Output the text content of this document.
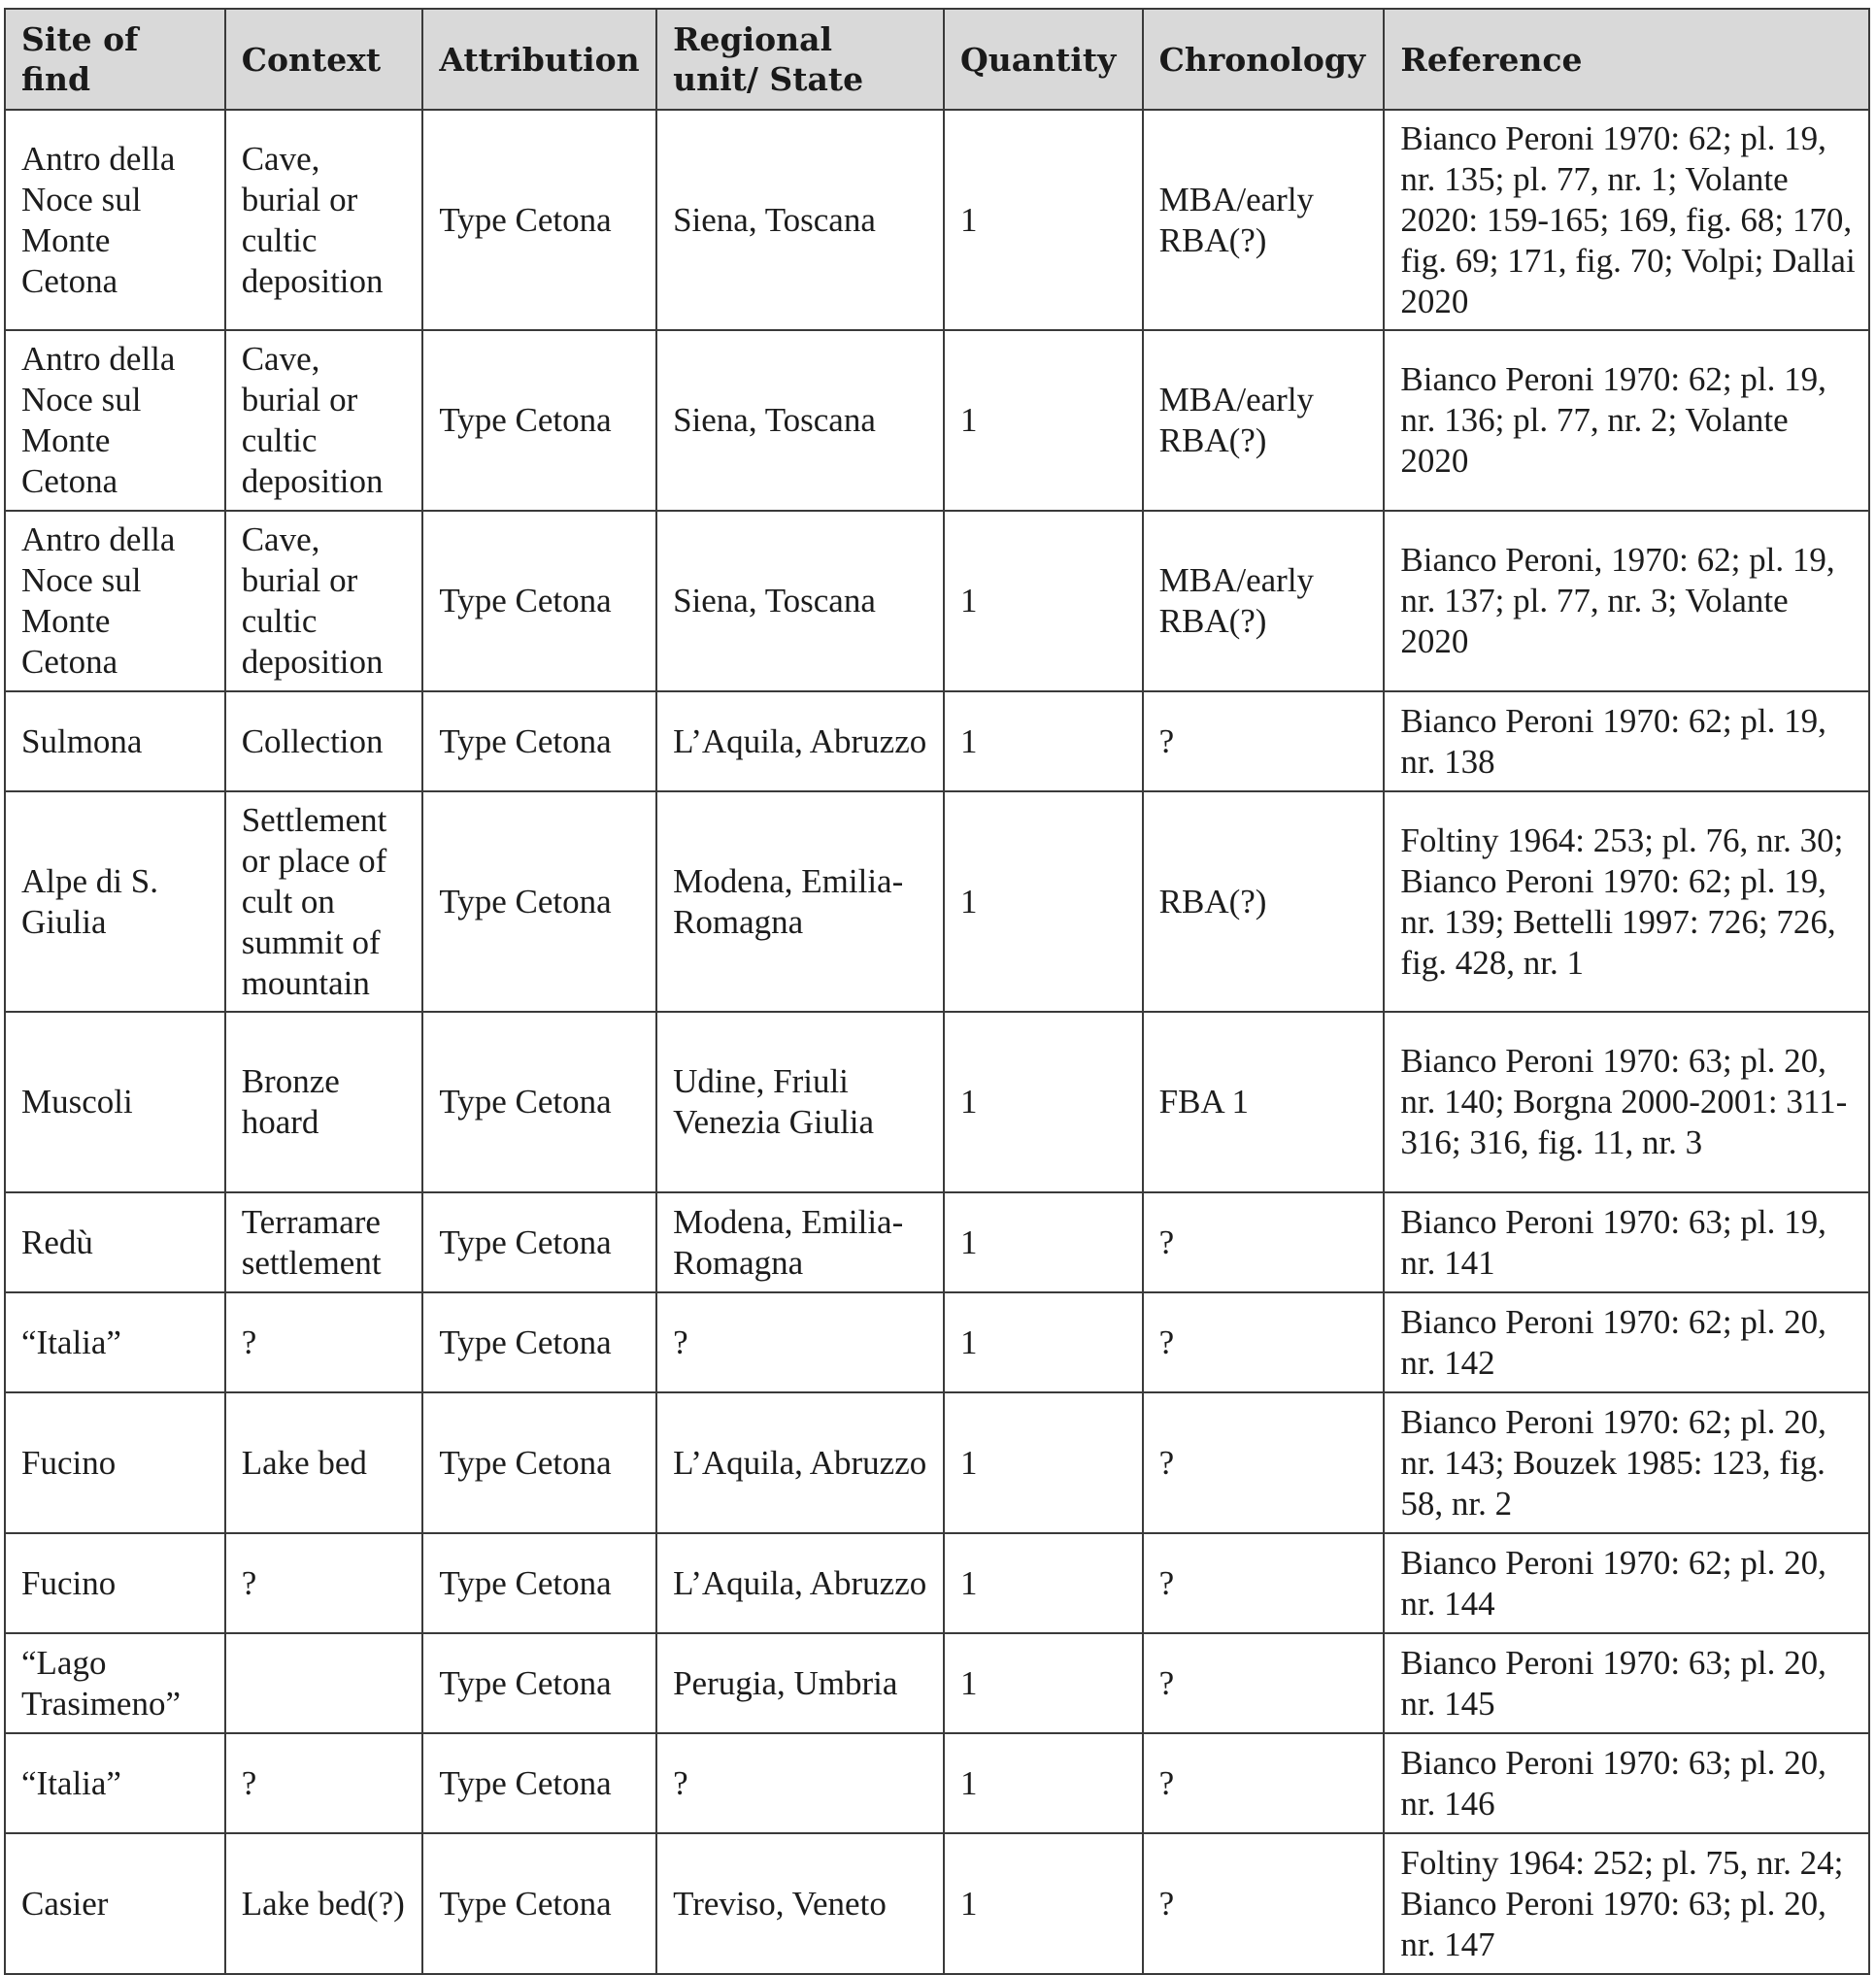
Site of find	Context	Attribution	Regional unit/ State	Quantity	Chronology	Reference
Antro della Noce sul Monte Cetona	Cave, burial or cultic deposition	Type Cetona	Siena, Toscana	1	MBA/early RBA(?)	Bianco Peroni 1970: 62; pl. 19, nr. 135; pl. 77, nr. 1; Volante 2020: 159-165; 169, fig. 68; 170, fig. 69; 171, fig. 70; Volpi; Dallai 2020
Antro della Noce sul Monte Cetona	Cave, burial or cultic deposition	Type Cetona	Siena, Toscana	1	MBA/early RBA(?)	Bianco Peroni 1970: 62; pl. 19, nr. 136; pl. 77, nr. 2; Volante 2020
Antro della Noce sul Monte Cetona	Cave, burial or cultic deposition	Type Cetona	Siena, Toscana	1	MBA/early RBA(?)	Bianco Peroni, 1970: 62; pl. 19, nr. 137; pl. 77, nr. 3; Volante 2020
Sulmona	Collection	Type Cetona	L’Aquila, Abruzzo	1	?	Bianco Peroni 1970: 62; pl. 19, nr. 138
Alpe di S. Giulia	Settlement or place of cult on summit of mountain	Type Cetona	Modena, Emilia-Romagna	1	RBA(?)	Foltiny 1964: 253; pl. 76, nr. 30; Bianco Peroni 1970: 62; pl. 19, nr. 139; Bettelli 1997: 726; 726, fig. 428, nr. 1
Muscoli	Bronze hoard	Type Cetona	Udine, Friuli Venezia Giulia	1	FBA 1	Bianco Peroni 1970: 63; pl. 20, nr. 140; Borgna 2000-2001: 311-316; 316, fig. 11, nr. 3
Redù	Terramare settlement	Type Cetona	Modena, Emilia-Romagna	1	?	Bianco Peroni 1970: 63; pl. 19, nr. 141
“Italia”	?	Type Cetona	?	1	?	Bianco Peroni 1970: 62; pl. 20, nr. 142
Fucino	Lake bed	Type Cetona	L’Aquila, Abruzzo	1	?	Bianco Peroni 1970: 62; pl. 20, nr. 143; Bouzek 1985: 123, fig. 58, nr. 2
Fucino	?	Type Cetona	L’Aquila, Abruzzo	1	?	Bianco Peroni 1970: 62; pl. 20, nr. 144
“Lago Trasimeno”		Type Cetona	Perugia, Umbria	1	?	Bianco Peroni 1970: 63; pl. 20, nr. 145
“Italia”	?	Type Cetona	?	1	?	Bianco Peroni 1970: 63; pl. 20, nr. 146
Casier	Lake bed(?)	Type Cetona	Treviso, Veneto	1	?	Foltiny 1964: 252; pl. 75, nr. 24; Bianco Peroni 1970: 63; pl. 20, nr. 147
